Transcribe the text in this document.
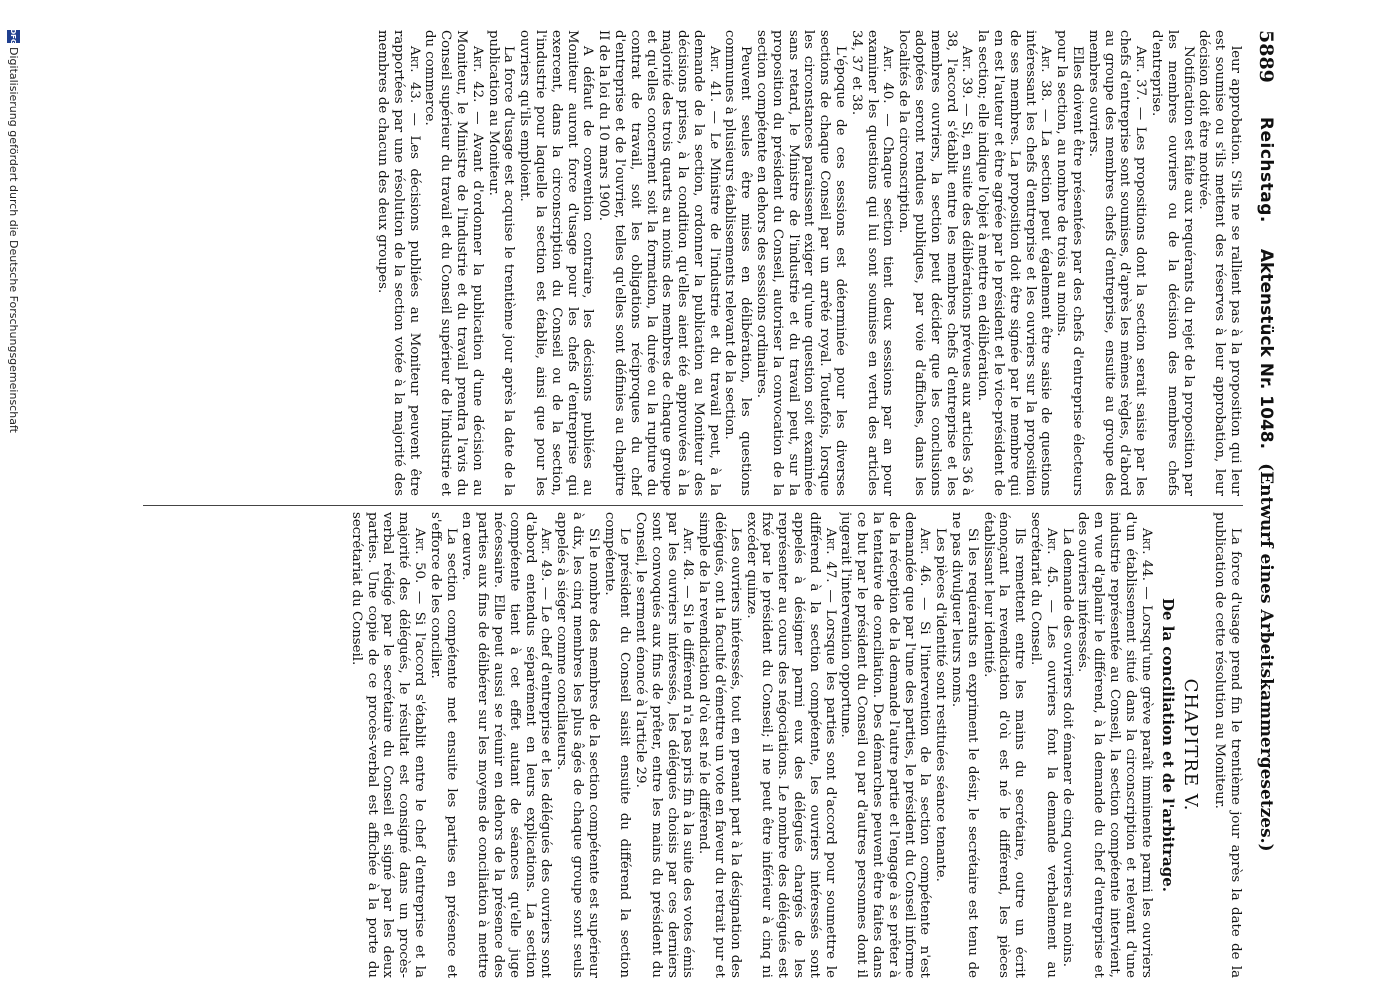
5889
Reichstag.
Aktenstück Nr. 1048.
(Entwurf eines Arbeitskammergesetzes.)

leur approbation. S'ils ne se rallient pas à la proposition qui leur est soumise ou s'ils mettent des réserves à leur approbation, leur décision doit être motivée.

Notification est faite aux requérants du rejet de la proposition par les membres ouvriers ou de la décision des membres chefs d'entreprise.

Art. 37. — Les propositions dont la section serait saisie par les chefs d'entreprise sont soumises, d'après les mêmes règles, d'abord au groupe des membres chefs d'entreprise, ensuite au groupe des membres ouvriers.

Elles doivent être présentées par des chefs d'entreprise électeurs pour la section, au nombre de trois au moins.

Art. 38. — La section peut également être saisie de questions intéressant les chefs d'entreprise et les ouvriers sur la proposition de ses membres. La proposition doit être signée par le membre qui en est l'auteur et être agréée par le président et le vice-président de la section; elle indique l'objet à mettre en délibération.

Art. 39. — Si, en suite des délibérations prévues aux articles 36 à 38, l'accord s'établit entre les membres chefs d'entreprise et les membres ouvriers, la section peut décider que les conclusions adoptées seront rendues publiques, par voie d'affiches, dans les localités de la circonscription.

Art. 40. — Chaque section tient deux sessions par an pour examiner les questions qui lui sont soumises en vertu des articles 34, 37 et 38.

L'époque de ces sessions est déterminée pour les diverses sections de chaque Conseil par un arrêté royal. Toutefois, lorsque les circonstances paraissent exiger qu'une question soit examinée sans retard, le Ministre de l'industrie et du travail peut, sur la proposition du président du Conseil, autoriser la convocation de la section compétente en dehors des sessions ordinaires.

Peuvent seules être mises en délibération, les questions communes à plusieurs établissements relevant de la section.

Art. 41. — Le Ministre de l'industrie et du travail peut, à la demande de la section, ordonner la publication au Moniteur des décisions prises, à la condition qu'elles aient été approuvées à la majorité des trois quarts au moins des membres de chaque groupe et qu'elles concernent soit la formation, la durée ou la rupture du contrat de travail, soit les obligations réciproques du chef d'entreprise et de l'ouvrier, telles qu'elles sont définies au chapitre II de la loi du 10 mars 1900.

A défaut de convention contraire, les décisions publiées au Moniteur auront force d'usage pour les chefs d'entreprise qui exercent, dans la circonscription du Conseil ou de la section, l'industrie pour laquelle la section est établie, ainsi que pour les ouvriers qu'ils emploient.

La force d'usage est acquise le trentième jour après la date de la publication au Moniteur.

Art. 42. — Avant d'ordonner la publication d'une décision au Moniteur, le Ministre de l'industrie et du travail prendra l'avis du Conseil supérieur du travail et du Conseil supérieur de l'industrie et du commerce.

Art. 43. — Les décisions publiées au Moniteur peuvent être rapportées par une résolution de la section votée à la majorité des membres de chacun des deux groupes.

La force d'usage prend fin le trentième jour après la date de la publication de cette résolution au Moniteur.

CHAPITRE V.
De la conciliation et de l'arbitrage.

Art. 44. — Lorsqu'une grève paraît imminente parmi les ouvriers d'un établissement situé dans la circonscription et relevant d'une industrie représentée au Conseil, la section compétente intervient, en vue d'aplanir le différend, à la demande du chef d'entreprise et des ouvriers intéressés.

La demande des ouvriers doit émaner de cinq ouvriers au moins.

Art. 45. — Les ouvriers font la demande verbalement au secrétariat du Conseil.

Ils remettent entre les mains du secrétaire, outre un écrit énonçant la revendication d'où est né le différend, les pièces établissant leur identité.

Si les requérants en expriment le désir, le secrétaire est tenu de ne pas divulguer leurs noms.

Les pièces d'identité sont restituées séance tenante.

Art. 46. — Si l'intervention de la section compétente n'est demandée que par l'une des parties, le président du Conseil informe de la réception de la demande l'autre partie et l'engage à se prêter à la tentative de conciliation. Des démarches peuvent être faites dans ce but par le président du Conseil ou par d'autres personnes dont il jugerait l'intervention opportune.

Art. 47. — Lorsque les parties sont d'accord pour soumettre le différend à la section compétente, les ouvriers intéressés sont appelés à désigner parmi eux des délégués chargés de les représenter au cours des négociations. Le nombre des délégués est fixé par le président du Conseil; il ne peut être inférieur à cinq ni excéder quinze.

Les ouvriers intéressés, tout en prenant part à la désignation des délégués, ont la faculté d'émettre un vote en faveur du retrait pur et simple de la revendication d'où est né le différend.

Art. 48. — Si le différend n'a pas pris fin à la suite des votes émis par les ouvriers intéressés, les délégués choisis par ces derniers sont convoqués aux fins de prêter, entre les mains du président du Conseil, le serment énoncé à l'article 29.

Le président du Conseil saisit ensuite du différend la section compétente.

Si le nombre des membres de la section compétente est supérieur à dix, les cinq membres les plus âgés de chaque groupe sont seuls appelés à siéger comme conciliateurs.

Art. 49. — Le chef d'entreprise et les délégués des ouvriers sont d'abord entendus séparément en leurs explications. La section compétente tient à cet effet autant de séances qu'elle juge nécessaire. Elle peut aussi se réunir en dehors de la présence des parties aux fins de délibérer sur les moyens de conciliation à mettre en œuvre.

La section compétente met ensuite les parties en présence et s'efforce de les concilier.

Art. 50. — Si l'accord s'établit entre le chef d'entreprise et la majorité des délégués, le résultat est consigné dans un procès-verbal rédigé par le secrétaire du Conseil et signé par les deux parties. Une copie de ce procès-verbal est affichée à la porte du secrétariat du Conseil.

DFG
Digitalisierung gefördert durch die Deutsche Forschungsgemeinschaft
